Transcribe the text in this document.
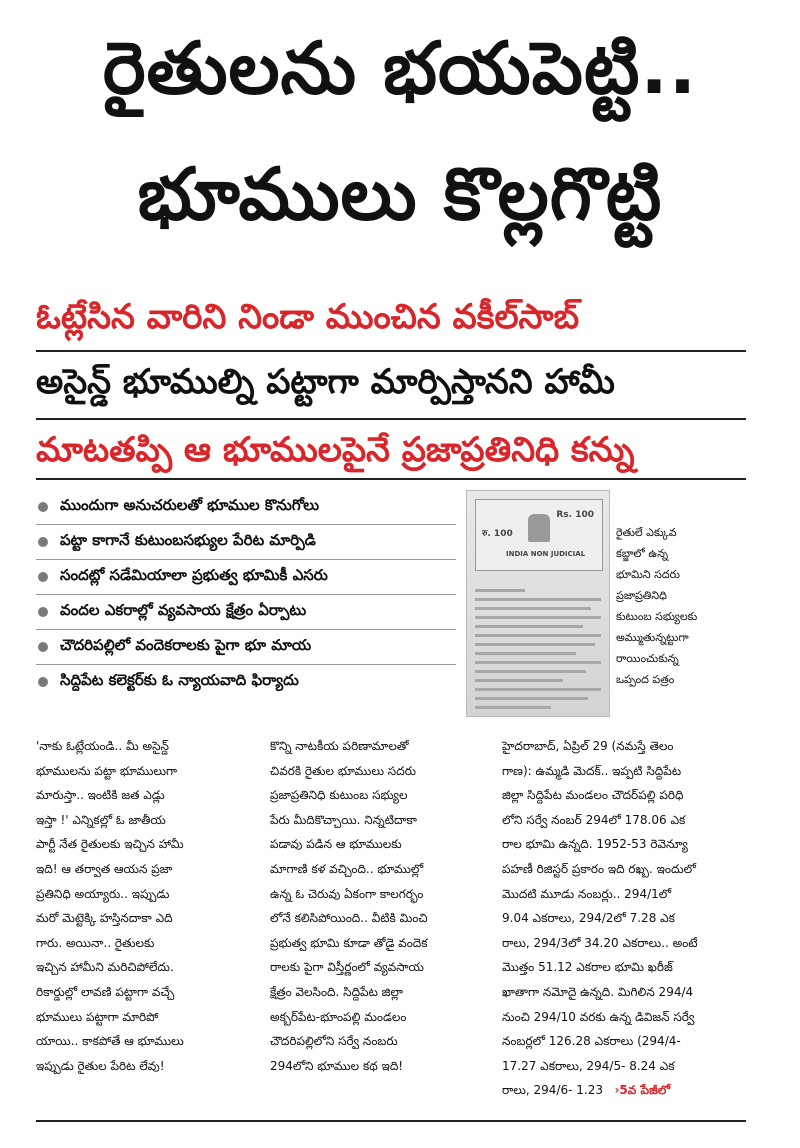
రైతులను భయపెట్టి..
భూములు కొల్లగొట్టి
ఓట్లేసిన వారిని నిండా ముంచిన వకీల్‌సాబ్
అసైన్డ్ భూముల్ని పట్టాగా మార్పిస్తానని హామీ
మాటతప్పి ఆ భూములపైనే ప్రజాప్రతినిధి కన్ను
ముందుగా అనుచరులతో భూముల కొనుగోలు
పట్టా కాగానే కుటుంబసభ్యుల పేరిట మార్పిడి
సందట్లో సడేమియాలా ప్రభుత్వ భూమికీ ఎసరు
వందల ఎకరాల్లో వ్యవసాయ క్షేత్రం ఏర్పాటు
చౌదరిపల్లిలో వందెకరాలకు పైగా భూ మాయ
సిద్దిపేట కలెక్టర్‌కు ఓ న్యాయవాది ఫిర్యాదు
Rs. 100
रु. 100
INDIA NON JUDICIAL
రైతులే ఎక్కువ
కబ్జాలో ఉన్న
భూమిని సదరు
ప్రజాప్రతినిధి
కుటుంబ సభ్యులకు
అమ్ముతున్నట్టుగా
రాయించుకున్న
ఒప్పంద పత్రం
'నాకు ఓట్లేయండి.. మీ అసైన్డ్
భూములను పట్టా భూములుగా
మారుస్తా.. ఇంటికి జత ఎడ్లు
ఇస్తా !' ఎన్నికల్లో ఓ జాతీయ
పార్టీ నేత రైతులకు ఇచ్చిన హామీ
ఇది! ఆ తర్వాత ఆయన ప్రజా
ప్రతినిధి అయ్యారు.. ఇప్పుడు
మరో మెట్టెక్కి హస్తినదాకా ఎది
గారు. అయినా.. రైతులకు
ఇచ్చిన హామీని మరిచిపోలేదు.
రికార్డుల్లో లావణి పట్టాగా వచ్చే
భూములు పట్టాగా మారిపో
యాయి.. కాకపోతే ఆ భూములు
ఇప్పుడు రైతుల పేరిట లేవు!
కొన్ని నాటకీయ పరిణామాలతో
చివరకి రైతుల భూములు సదరు
ప్రజాప్రతినిధి కుటుంబ సభ్యుల
పేరు మీదికొచ్చాయి. నిన్నటిదాకా
పడావు పడిన ఆ భూములకు
మాగాణి కళ వచ్చింది.. భూముల్లో
ఉన్న ఓ చెరువు ఏకంగా కాలగర్భం
లోనే కలిసిపోయింది.. వీటికి మించి
ప్రభుత్వ భూమి కూడా తోడై వందెక
రాలకు పైగా విస్తీర్ణంలో వ్యవసాయ
క్షేత్రం వెలసింది. సిద్దిపేట జిల్లా
అక్బర్‌పేట-భూంపల్లి మండలం
చౌదరిపల్లిలోని సర్వే నంబరు
294లోని భూముల కథ ఇది!
హైదరాబాద్, ఏప్రిల్ 29 (నమస్తే తెలం
గాణ): ఉమ్మడి మెదక్.. ఇప్పటి సిద్దిపేట
జిల్లా సిద్దిపేట మండలం చౌదర్‌పల్లి పరిధి
లోని సర్వే నంబర్ 294లో 178.06 ఎక
రాల భూమి ఉన్నది. 1952-53 రెవెన్యూ
పహణీ రిజిస్టర్ ప్రకారం ఇది రఖ్బ. ఇందులో
మొదటి మూడు నంబర్లు.. 294/1లో
9.04 ఎకరాలు, 294/2లో 7.28 ఎక
రాలు, 294/3లో 34.20 ఎకరాలు.. అంటే
మొత్తం 51.12 ఎకరాల భూమి ఖరీజ్
ఖాతాగా నమోదై ఉన్నది. మిగిలిన 294/4
నుంచి 294/10 వరకు ఉన్న డివిజన్ సర్వే
నంబర్లలో 126.28 ఎకరాలు (294/4-
17.27 ఎకరాలు, 294/5- 8.24 ఎక
రాలు, 294/6- 1.23 ›5వ పేజీలో
